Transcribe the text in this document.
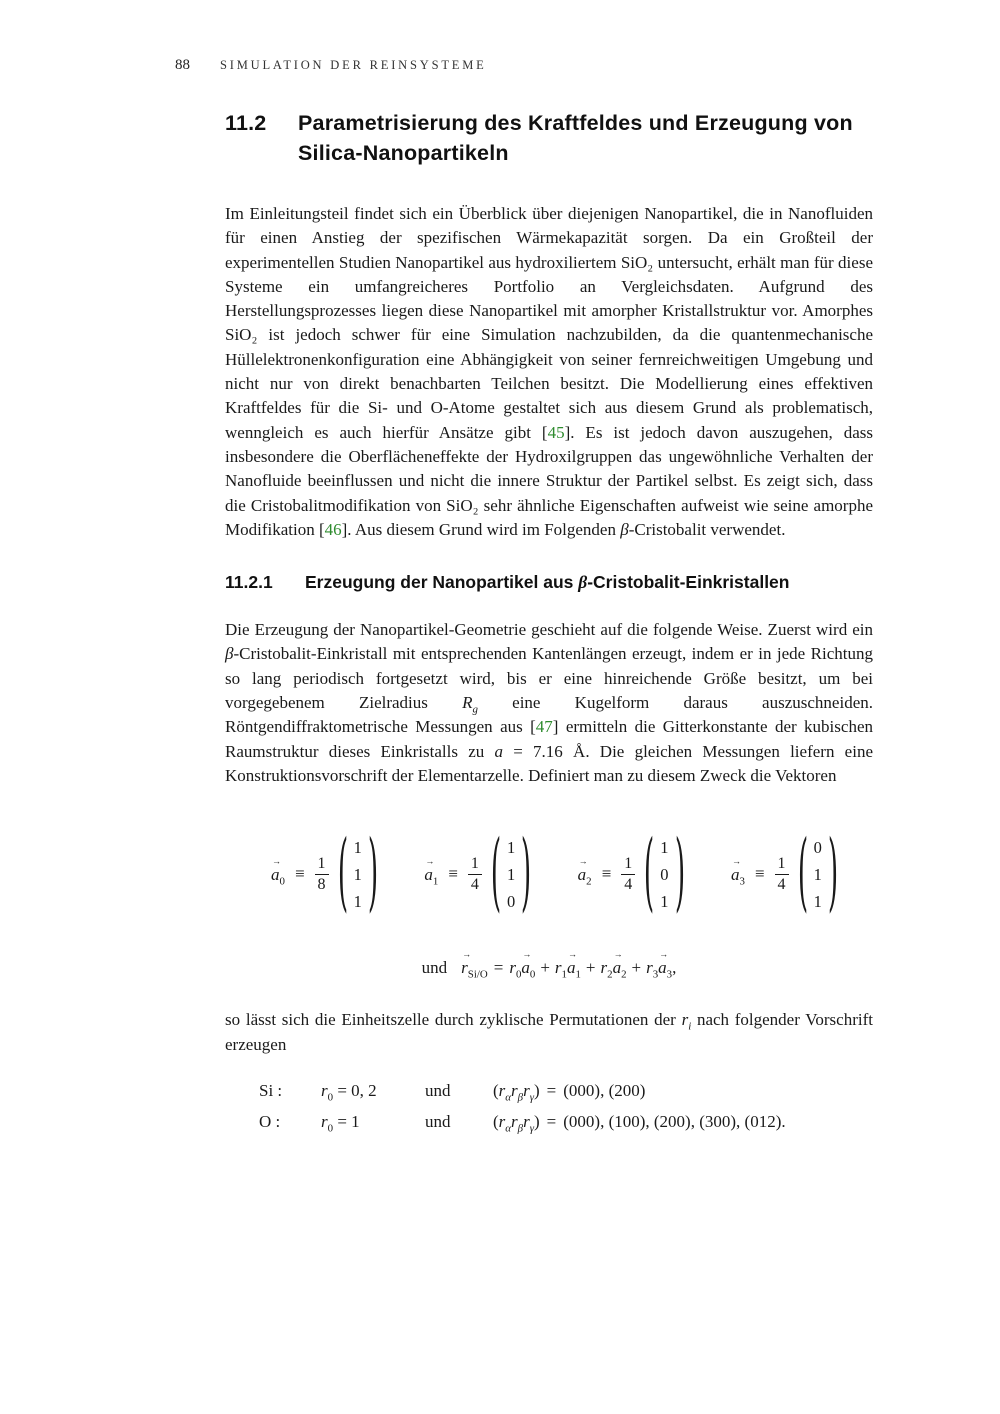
88 SIMULATION DER REINSYSTEME
11.2	Parametrisierung des Kraftfeldes und Erzeugung von Silica-Nanopartikeln

Im Einleitungsteil findet sich ein Überblick über diejenigen Nanopartikel, die in Nanofluiden für einen Anstieg der spezifischen Wärmekapazität sorgen. Da ein Großteil der experimentellen Studien Nanopartikel aus hydroxiliertem SiO₂ untersucht, erhält man für diese Systeme ein umfangreicheres Portfolio an Vergleichsdaten. Aufgrund des Herstellungsprozesses liegen diese Nanopartikel mit amorpher Kristallstruktur vor. Amorphes SiO₂ ist jedoch schwer für eine Simulation nachzubilden, da die quantenmechanische Hüllelektronenkonfiguration eine Abhängigkeit von seiner fernreichweitigen Umgebung und nicht nur von direkt benachbarten Teilchen besitzt. Die Modellierung eines effektiven Kraftfeldes für die Si- und O-Atome gestaltet sich aus diesem Grund als problematisch, wenngleich es auch hierfür Ansätze gibt [45]. Es ist jedoch davon auszugehen, dass insbesondere die Oberflächeneffekte der Hydroxilgruppen das ungewöhnliche Verhalten der Nanofluide beeinflussen und nicht die innere Struktur der Partikel selbst. Es zeigt sich, dass die Cristobalitmodifikation von SiO₂ sehr ähnliche Eigenschaften aufweist wie seine amorphe Modifikation [46]. Aus diesem Grund wird im Folgenden β-Cristobalit verwendet.

11.2.1	Erzeugung der Nanopartikel aus β-Cristobalit-Einkristallen

Die Erzeugung der Nanopartikel-Geometrie geschieht auf die folgende Weise. Zuerst wird ein β-Cristobalit-Einkristall mit entsprechenden Kantenlängen erzeugt, indem er in jede Richtung so lang periodisch fortgesetzt wird, bis er eine hinreichende Größe besitzt, um bei vorgegebenem Zielradius $R_g$ eine Kugelform daraus auszuschneiden. Röntgendiffraktometrische Messungen aus [47] ermitteln die Gitterkonstante der kubischen Raumstruktur dieses Einkristalls zu a = 7.16 Å. Die gleichen Messungen liefern eine Konstruktionsvorschrift der Elementarzelle. Definiert man zu diesem Zweck die Vektoren

→
$a_0 \equiv \frac{1}{8}$ ( 1
1
1 )	→
$a_1 \equiv \frac{1}{4}$ ( 1
1
0 )	→
$a_2 \equiv \frac{1}{4}$ ( 1
0
1 )	→
$a_3 \equiv \frac{1}{4}$ ( 0
1
1 )
und
→
$r_{Si/O} = r_0$
→
$a_0 + r_1$
→
$a_1 + r_2$
→
$a_2 + r_3$
→
$a_3$ ,

so lässt sich die Einheitszelle durch zyklische Permutationen der $r_i$ nach folgender Vorschrift erzeugen

Si :	$r_0 = 0$, 2	und	$(r_\alpha r_\beta r_\gamma) = (000)$, (200)
O :	$r_0 = 1$	und	$(r_\alpha r_\beta r_\gamma) = (000)$, (100), (200), (300), (012).
